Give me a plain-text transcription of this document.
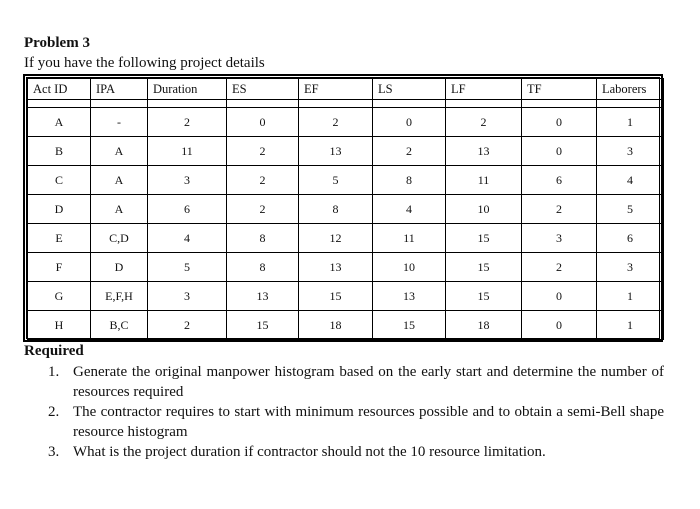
Problem 3
If you have the following project details
Act ID	IPA	Duration	ES	EF	LS	LF	TF	Laborers

A	-	2	0	2	0	2	0	1
B	A	11	2	13	2	13	0	3
C	A	3	2	5	8	11	6	4
D	A	6	2	8	4	10	2	5
E	C,D	4	8	12	11	15	3	6
F	D	5	8	13	10	15	2	3
G	E,F,H	3	13	15	13	15	0	1
H	B,C	2	15	18	15	18	0	1
Required
1. Generate the original manpower histogram based on the early start and determine the number of resources required
2. The contractor requires to start with minimum resources possible and to obtain a semi-Bell shape resource histogram
3. What is the project duration if contractor should not the 10 resource limitation.
